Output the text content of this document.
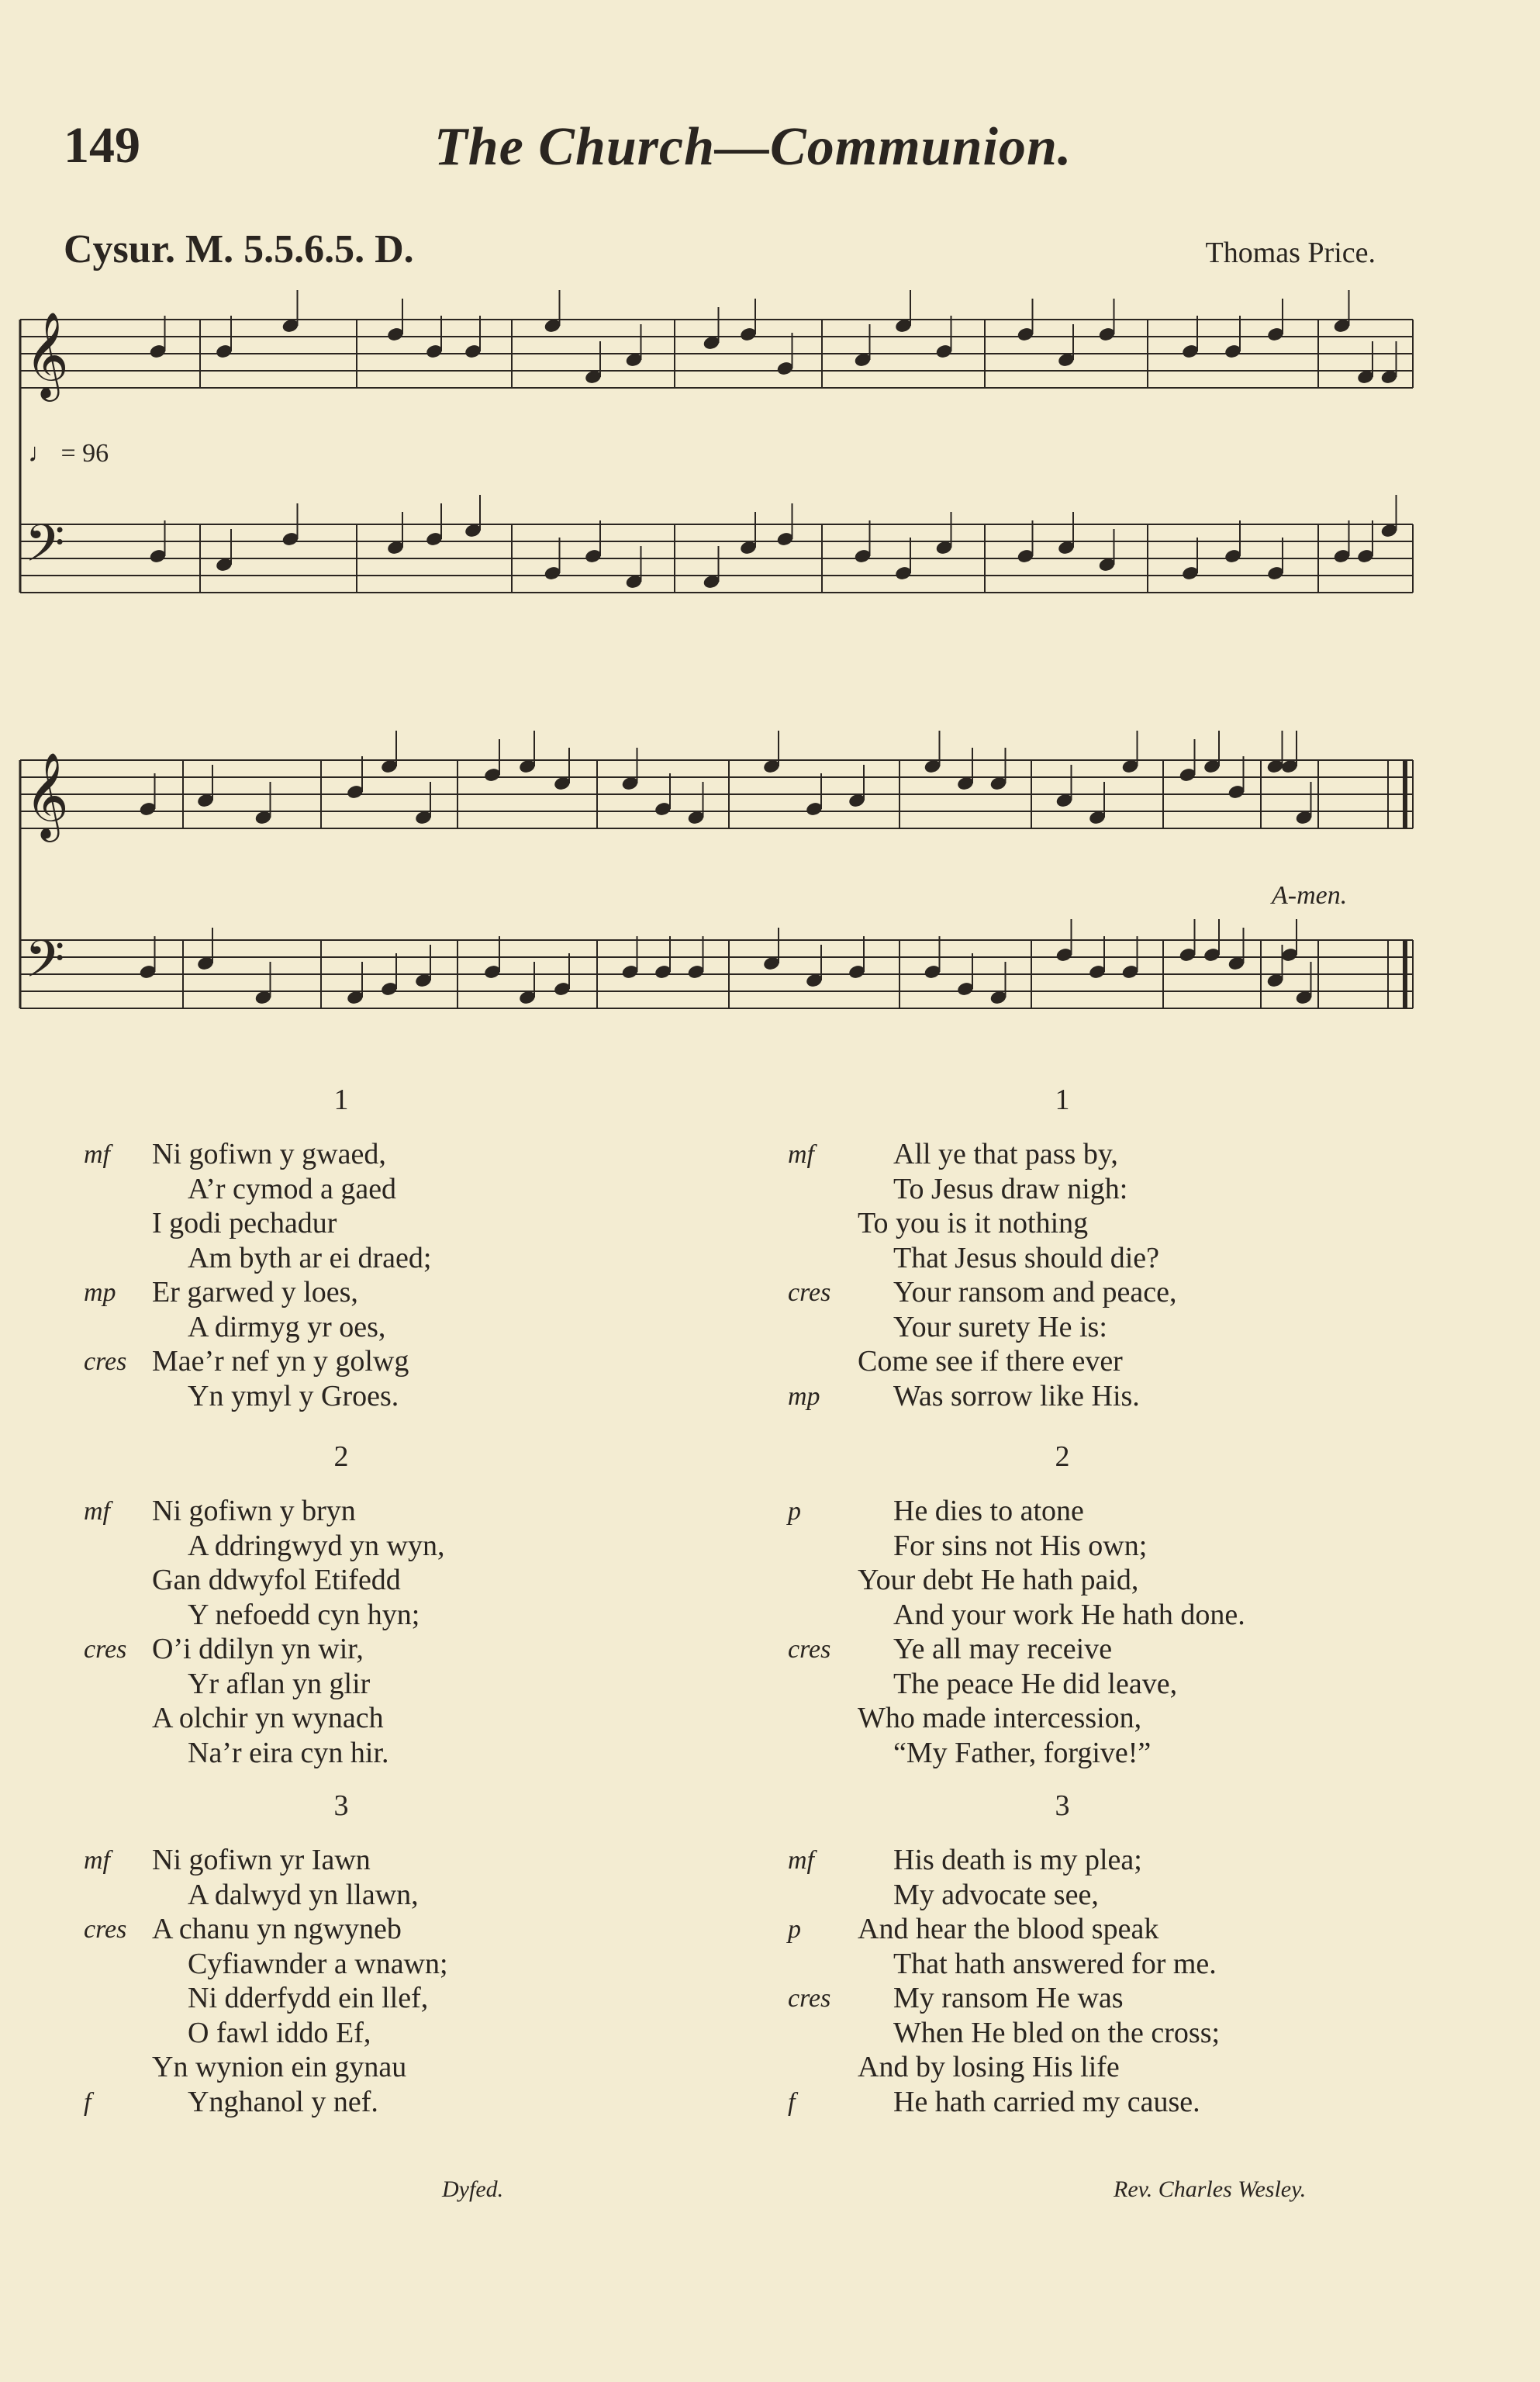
149	The Church—Communion.
Cysur. M. 5.5.6.5. D.	Thomas Price.
♩ = 96
𝄞
𝄢
𝄞
𝄢
A-men.
1
mf Ni gofiwn y gwaed,
A’r cymod a gaed
I godi pechadur
Am byth ar ei draed;
mp Er garwed y loes,
A dirmyg yr oes,
cres Mae’r nef yn y golwg
Yn ymyl y Groes.
2
mf Ni gofiwn y bryn
A ddringwyd yn wyn,
Gan ddwyfol Etifedd
Y nefoedd cyn hyn;
cres O’i ddilyn yn wir,
Yr aflan yn glir
A olchir yn wynach
Na’r eira cyn hir.
3
mf Ni gofiwn yr Iawn
A dalwyd yn llawn,
cres A chanu yn ngwyneb
Cyfiawnder a wnawn;
Ni dderfydd ein llef,
O fawl iddo Ef,
Yn wynion ein gynau
f	Ynghanol y nef.
Dyfed.
1
mf	All ye that pass by,
To Jesus draw nigh:
To you is it nothing
That Jesus should die?
cres Your ransom and peace,
Your surety He is:
Come see if there ever
mp Was sorrow like His.
2
p	He dies to atone
For sins not His own;
Your debt He hath paid,
And your work He hath done.
cres Ye all may receive
The peace He did leave,
Who made intercession,
“My Father, forgive!”
3
mf	His death is my plea;
My advocate see,
p And hear the blood speak
That hath answered for me.
cres My ransom He was
When He bled on the cross;
And by losing His life
f	He hath carried my cause.
Rev. Charles Wesley.
